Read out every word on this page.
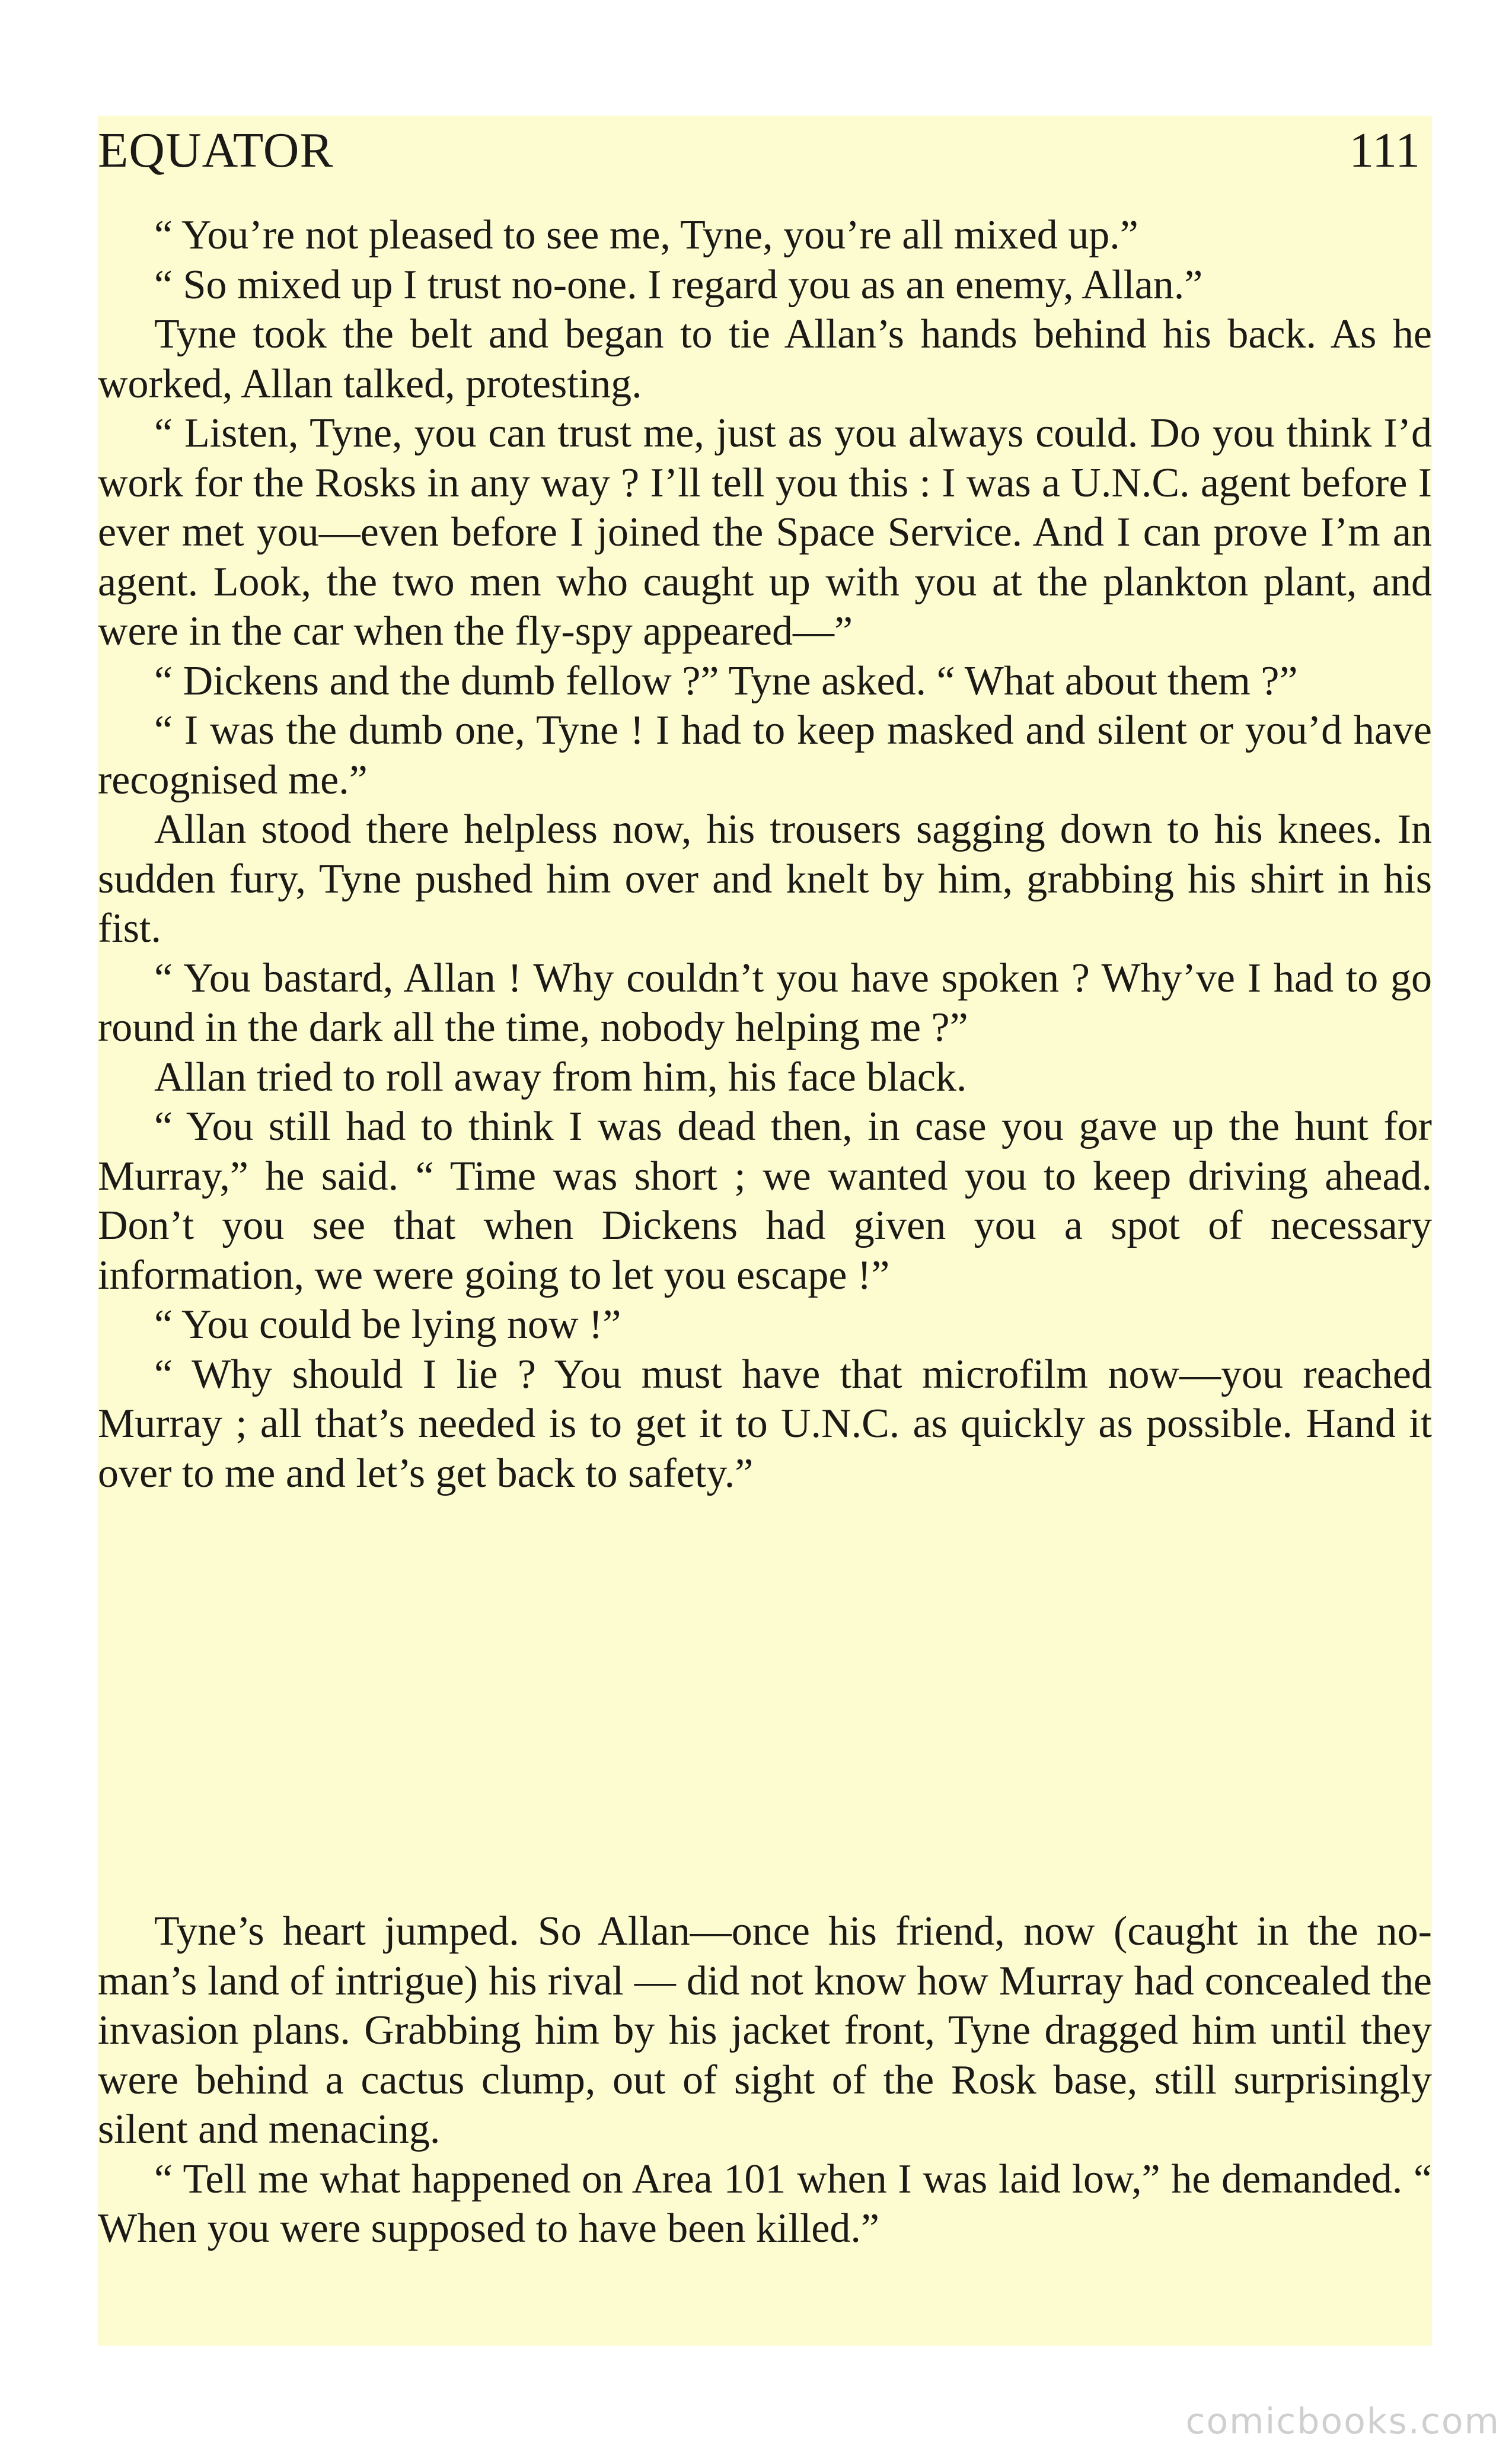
EQUATOR	111

“ You’re not pleased to see me, Tyne, you’re all mixed up.”

“ So mixed up I trust no-one. I regard you as an enemy, Allan.”

Tyne took the belt and began to tie Allan’s hands behind his back. As he worked, Allan talked, protesting.

“ Listen, Tyne, you can trust me, just as you always could. Do you think I’d work for the Rosks in any way ? I’ll tell you this : I was a U.N.C. agent before I ever met you—even before I joined the Space Service. And I can prove I’m an agent. Look, the two men who caught up with you at the plankton plant, and were in the car when the fly-spy appeared—”

“ Dickens and the dumb fellow ?” Tyne asked. “ What about them ?”

“ I was the dumb one, Tyne ! I had to keep masked and silent or you’d have recognised me.”

Allan stood there helpless now, his trousers sagging down to his knees. In sudden fury, Tyne pushed him over and knelt by him, grabbing his shirt in his fist.

“ You bastard, Allan ! Why couldn’t you have spoken ? Why’ve I had to go round in the dark all the time, nobody helping me ?”

Allan tried to roll away from him, his face black.

“ You still had to think I was dead then, in case you gave up the hunt for Murray,” he said. “ Time was short ; we wanted you to keep driving ahead. Don’t you see that when Dickens had given you a spot of necessary information, we were going to let you escape !”

“ You could be lying now !”

“ Why should I lie ? You must have that microfilm now—you reached Murray ; all that’s needed is to get it to U.N.C. as quickly as possible. Hand it over to me and let’s get back to safety.”

Tyne’s heart jumped. So Allan—once his friend, now (caught in the no-man’s land of intrigue) his rival — did not know how Murray had concealed the invasion plans. Grabbing him by his jacket front, Tyne dragged him until they were behind a cactus clump, out of sight of the Rosk base, still surprisingly silent and menacing.

“ Tell me what happened on Area 101 when I was laid low,” he demanded. “ When you were supposed to have been killed.”

comicbooks.com
